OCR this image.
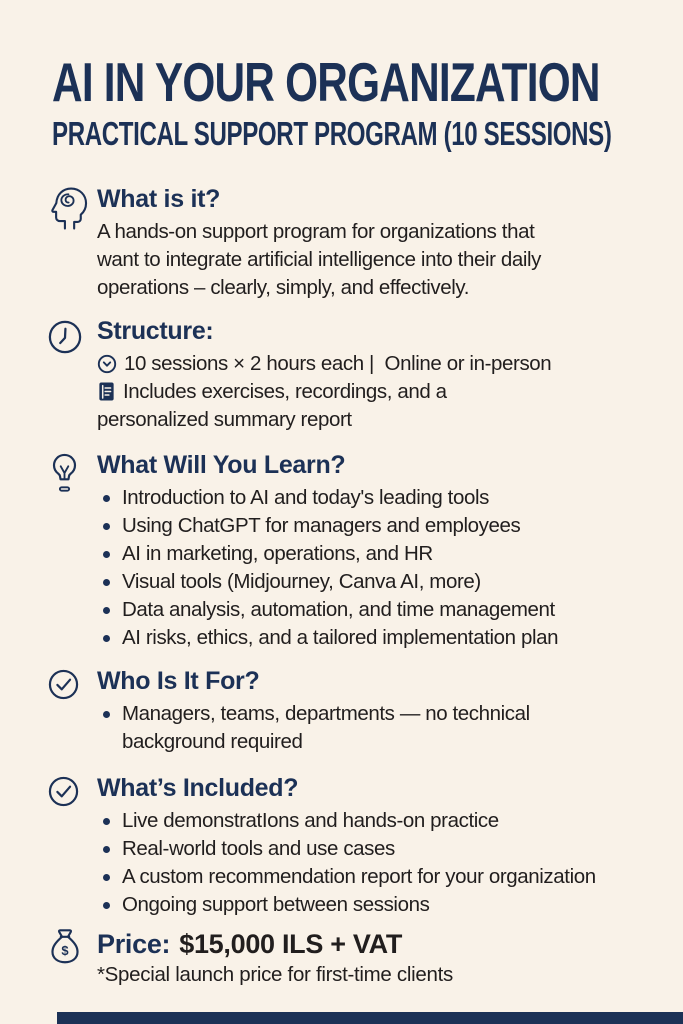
AI IN YOUR ORGANIZATION
PRACTICAL SUPPORT PROGRAM (10 SESSIONS)
What is it?
A hands-on support program for organizations that
want to integrate artificial intelligence into their daily
operations – clearly, simply, and effectively.
Structure:
10 sessions × 2 hours each |  Online or in-person
Includes exercises, recordings, and a
personalized summary report
What Will You Learn?
Introduction to AI and today's leading tools
Using ChatGPT for managers and employees
AI in marketing, operations, and HR
Visual tools (Midjourney, Canva AI, more)
Data analysis, automation, and time management
AI risks, ethics, and a tailored implementation plan
Who Is It For?
Managers, teams, departments — no technical background required
What’s Included?
Live demonstratIons and hands-on practice
Real-world tools and use cases
A custom recommendation report for your organization
Ongoing support between sessions
$ Price: $15,000 ILS + VAT
*Special launch price for first-time clients
